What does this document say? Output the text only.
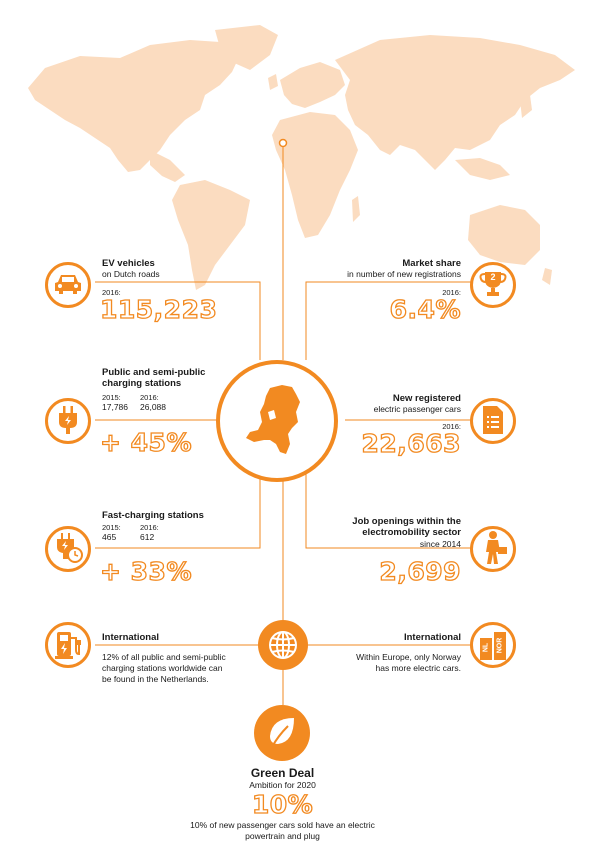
EV vehicles
on Dutch roads
2016:
115,223
2
Market share
in number of new registrations
2016:
6.4%
Public and semi-public
charging stations
2015:
17,786
2016:
26,088
+ 45%
New registered
electric passenger cars
2016:
22,663
Fast-charging stations
2015:
465
2016:
612
+ 33%
Job openings within the
electromobility sector
since 2014
2,699
International
12% of all public and semi-public
charging stations worldwide can
be found in the Netherlands.
NL NOR
International
Within Europe, only Norway
has more electric cars.
Green Deal
Ambition for 2020
10%
10% of new passenger cars sold have an electric
powertrain and plug
